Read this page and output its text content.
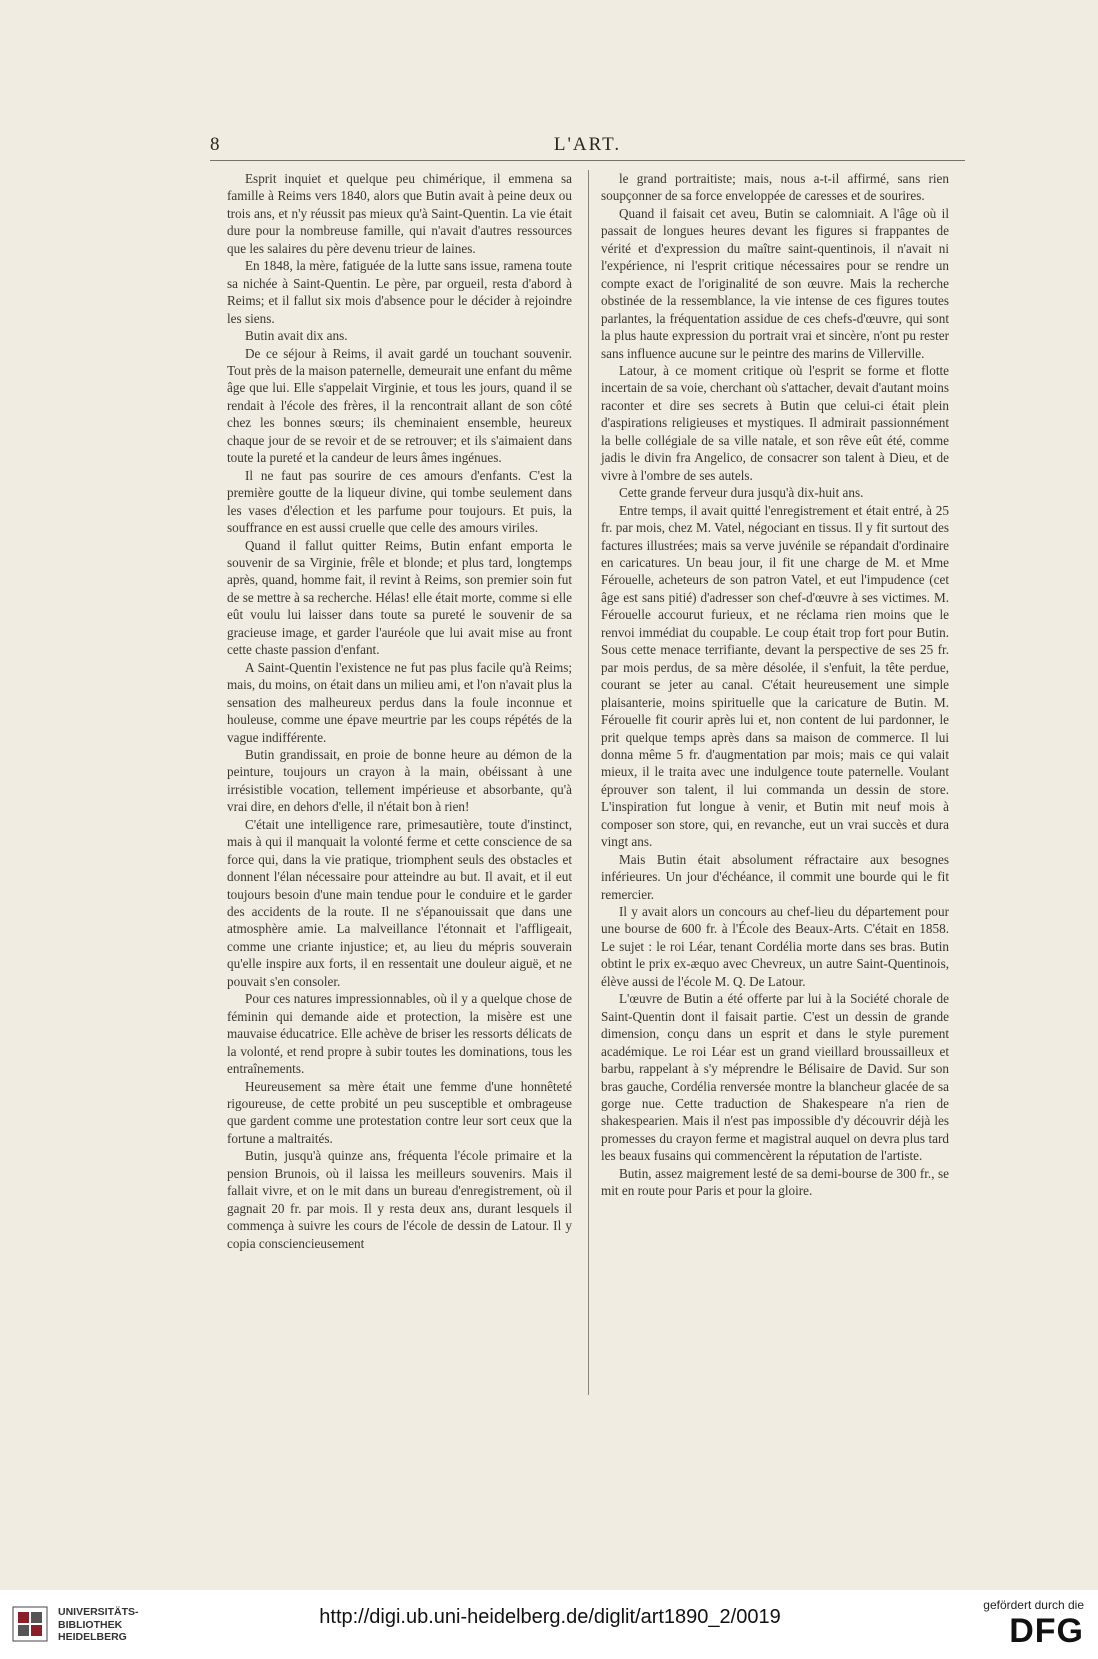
8	L'ART.

Esprit inquiet et quelque peu chimérique, il emmena sa famille à Reims vers 1840, alors que Butin avait à peine deux ou trois ans, et n'y réussit pas mieux qu'à Saint-Quentin. La vie était dure pour la nombreuse famille, qui n'avait d'autres ressources que les salaires du père devenu trieur de laines.

En 1848, la mère, fatiguée de la lutte sans issue, ramena toute sa nichée à Saint-Quentin. Le père, par orgueil, resta d'abord à Reims; et il fallut six mois d'absence pour le décider à rejoindre les siens.

Butin avait dix ans.

De ce séjour à Reims, il avait gardé un touchant souvenir. Tout près de la maison paternelle, demeurait une enfant du même âge que lui. Elle s'appelait Virginie, et tous les jours, quand il se rendait à l'école des frères, il la rencontrait allant de son côté chez les bonnes sœurs; ils cheminaient ensemble, heureux chaque jour de se revoir et de se retrouver; et ils s'aimaient dans toute la pureté et la candeur de leurs âmes ingénues.

Il ne faut pas sourire de ces amours d'enfants. C'est la première goutte de la liqueur divine, qui tombe seulement dans les vases d'élection et les parfume pour toujours. Et puis, la souffrance en est aussi cruelle que celle des amours viriles.

Quand il fallut quitter Reims, Butin enfant emporta le souvenir de sa Virginie, frêle et blonde; et plus tard, longtemps après, quand, homme fait, il revint à Reims, son premier soin fut de se mettre à sa recherche. Hélas! elle était morte, comme si elle eût voulu lui laisser dans toute sa pureté le souvenir de sa gracieuse image, et garder l'auréole que lui avait mise au front cette chaste passion d'enfant.

A Saint-Quentin l'existence ne fut pas plus facile qu'à Reims; mais, du moins, on était dans un milieu ami, et l'on n'avait plus la sensation des malheureux perdus dans la foule inconnue et houleuse, comme une épave meurtrie par les coups répétés de la vague indifférente.

Butin grandissait, en proie de bonne heure au démon de la peinture, toujours un crayon à la main, obéissant à une irrésistible vocation, tellement impérieuse et absorbante, qu'à vrai dire, en dehors d'elle, il n'était bon à rien!

C'était une intelligence rare, primesautière, toute d'instinct, mais à qui il manquait la volonté ferme et cette conscience de sa force qui, dans la vie pratique, triomphent seuls des obstacles et donnent l'élan nécessaire pour atteindre au but. Il avait, et il eut toujours besoin d'une main tendue pour le conduire et le garder des accidents de la route. Il ne s'épanouissait que dans une atmosphère amie. La malveillance l'étonnait et l'affligeait, comme une criante injustice; et, au lieu du mépris souverain qu'elle inspire aux forts, il en ressentait une douleur aiguë, et ne pouvait s'en consoler.

Pour ces natures impressionnables, où il y a quelque chose de féminin qui demande aide et protection, la misère est une mauvaise éducatrice. Elle achève de briser les ressorts délicats de la volonté, et rend propre à subir toutes les dominations, tous les entraînements.

Heureusement sa mère était une femme d'une honnêteté rigoureuse, de cette probité un peu susceptible et ombrageuse que gardent comme une protestation contre leur sort ceux que la fortune a maltraités.

Butin, jusqu'à quinze ans, fréquenta l'école primaire et la pension Brunois, où il laissa les meilleurs souvenirs. Mais il fallait vivre, et on le mit dans un bureau d'enregistrement, où il gagnait 20 fr. par mois. Il y resta deux ans, durant lesquels il commença à suivre les cours de l'école de dessin de Latour. Il y copia consciencieusement

le grand portraitiste; mais, nous a-t-il affirmé, sans rien soupçonner de sa force enveloppée de caresses et de sourires.

Quand il faisait cet aveu, Butin se calomniait. A l'âge où il passait de longues heures devant les figures si frappantes de vérité et d'expression du maître saint-quentinois, il n'avait ni l'expérience, ni l'esprit critique nécessaires pour se rendre un compte exact de l'originalité de son œuvre. Mais la recherche obstinée de la ressemblance, la vie intense de ces figures toutes parlantes, la fréquentation assidue de ces chefs-d'œuvre, qui sont la plus haute expression du portrait vrai et sincère, n'ont pu rester sans influence aucune sur le peintre des marins de Villerville.

Latour, à ce moment critique où l'esprit se forme et flotte incertain de sa voie, cherchant où s'attacher, devait d'autant moins raconter et dire ses secrets à Butin que celui-ci était plein d'aspirations religieuses et mystiques. Il admirait passionnément la belle collégiale de sa ville natale, et son rêve eût été, comme jadis le divin fra Angelico, de consacrer son talent à Dieu, et de vivre à l'ombre de ses autels.

Cette grande ferveur dura jusqu'à dix-huit ans.

Entre temps, il avait quitté l'enregistrement et était entré, à 25 fr. par mois, chez M. Vatel, négociant en tissus. Il y fit surtout des factures illustrées; mais sa verve juvénile se répandait d'ordinaire en caricatures. Un beau jour, il fit une charge de M. et Mme Férouelle, acheteurs de son patron Vatel, et eut l'impudence (cet âge est sans pitié) d'adresser son chef-d'œuvre à ses victimes. M. Férouelle accourut furieux, et ne réclama rien moins que le renvoi immédiat du coupable. Le coup était trop fort pour Butin. Sous cette menace terrifiante, devant la perspective de ses 25 fr. par mois perdus, de sa mère désolée, il s'enfuit, la tête perdue, courant se jeter au canal. C'était heureusement une simple plaisanterie, moins spirituelle que la caricature de Butin. M. Férouelle fit courir après lui et, non content de lui pardonner, le prit quelque temps après dans sa maison de commerce. Il lui donna même 5 fr. d'augmentation par mois; mais ce qui valait mieux, il le traita avec une indulgence toute paternelle. Voulant éprouver son talent, il lui commanda un dessin de store. L'inspiration fut longue à venir, et Butin mit neuf mois à composer son store, qui, en revanche, eut un vrai succès et dura vingt ans.

Mais Butin était absolument réfractaire aux besognes inférieures. Un jour d'échéance, il commit une bourde qui le fit remercier.

Il y avait alors un concours au chef-lieu du département pour une bourse de 600 fr. à l'École des Beaux-Arts. C'était en 1858. Le sujet : le roi Léar, tenant Cordélia morte dans ses bras. Butin obtint le prix ex-æquo avec Chevreux, un autre Saint-Quentinois, élève aussi de l'école M. Q. De Latour.

L'œuvre de Butin a été offerte par lui à la Société chorale de Saint-Quentin dont il faisait partie. C'est un dessin de grande dimension, conçu dans un esprit et dans le style purement académique. Le roi Léar est un grand vieillard broussailleux et barbu, rappelant à s'y méprendre le Bélisaire de David. Sur son bras gauche, Cordélia renversée montre la blancheur glacée de sa gorge nue. Cette traduction de Shakespeare n'a rien de shakespearien. Mais il n'est pas impossible d'y découvrir déjà les promesses du crayon ferme et magistral auquel on devra plus tard les beaux fusains qui commencèrent la réputation de l'artiste.

Butin, assez maigrement lesté de sa demi-bourse de 300 fr., se mit en route pour Paris et pour la gloire.

UNIVERSITÄTS-
BIBLIOTHEK
HEIDELBERG
http://digi.ub.uni-heidelberg.de/diglit/art1890_2/0019
gefördert durch die
DFG
